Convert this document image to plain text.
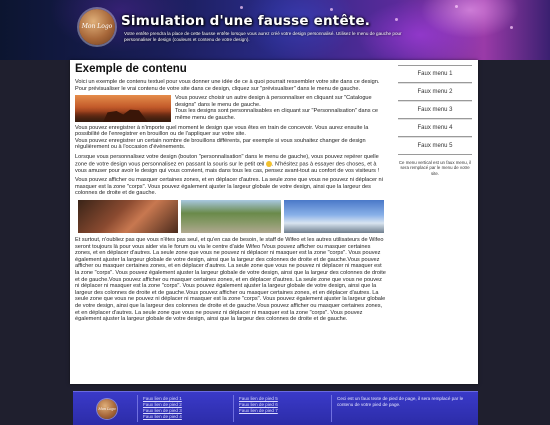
Mon Logo Simulation d'une fausse entête.

Votre entête prendra la place de cette fausse entête lorsque vous aurez créé votre design personnalisé. Utilisez le menu de gauche pour personnaliser le design (couleurs et contenu de votre design).

Exemple de contenu

Voici un exemple de contenu textuel pour vous donner une idée de ce à quoi pourrait ressembler votre site dans ce design.
Pour prévisualiser le vrai contenu de votre site dans ce design, cliquez sur "prévisualiser" dans le menu de gauche.

Vous pouvez choisir un autre design à personnaliser en cliquant sur "Catalogue designs" dans le menu de gauche.
Tous les designs sont personnalisables en cliquant sur "Personnalisation" dans ce même menu de gauche.

Vous pouvez enregistrer à n'importe quel moment le design que vous êtes en train de concevoir. Vous aurez ensuite la possibilité de l'enregistrer en brouillon ou de l'appliquer sur votre site.
Vous pouvez enregistrer un certain nombre de brouillons différents, par exemple si vous souhaitez changer de design régulièrement ou à l'occasion d'évènements.

Lorsque vous personnalisez votre design (bouton "personnalisation" dans le menu de gauche), vous pouvez repérer quelle zone de votre design vous personnalisez en passant la souris sur le petit œil . N'hésitez pas à essayer des choses, et à vous amuser pour avoir le design qui vous convient, mais dans tous les cas, pensez avant-tout au confort de vos visiteurs !

Vous pouvez afficher ou masquer certaines zones, et en déplacer d'autres. La seule zone que vous ne pouvez ni déplacer ni masquer est la zone "corps". Vous pouvez également ajuster la largeur globale de votre design, ainsi que la largeur des colonnes de droite et de gauche.

Et surtout, n'oubliez pas que vous n'êtes pas seul, et qu'en cas de besoin, le staff de Wifeo et les autres utilisateurs de Wifeo seront toujours là pour vous aider via le forum ou via le centre d'aide Wifeo !Vous pouvez afficher ou masquer certaines zones, et en déplacer d'autres. La seule zone que vous ne pouvez ni déplacer ni masquer est la zone "corps". Vous pouvez également ajuster la largeur globale de votre design, ainsi que la largeur des colonnes de droite et de gauche.Vous pouvez afficher ou masquer certaines zones, et en déplacer d'autres. La seule zone que vous ne pouvez ni déplacer ni masquer est la zone "corps". Vous pouvez également ajuster la largeur globale de votre design, ainsi que la largeur des colonnes de droite et de gauche.Vous pouvez afficher ou masquer certaines zones, et en déplacer d'autres. La seule zone que vous ne pouvez ni déplacer ni masquer est la zone "corps". Vous pouvez également ajuster la largeur globale de votre design, ainsi que la largeur des colonnes de droite et de gauche.Vous pouvez afficher ou masquer certaines zones, et en déplacer d'autres. La seule zone que vous ne pouvez ni déplacer ni masquer est la zone "corps". Vous pouvez également ajuster la largeur globale de votre design, ainsi que la largeur des colonnes de droite et de gauche.Vous pouvez afficher ou masquer certaines zones, et en déplacer d'autres. La seule zone que vous ne pouvez ni déplacer ni masquer est la zone "corps". Vous pouvez également ajuster la largeur globale de votre design, ainsi que la largeur des colonnes de droite et de gauche.

Faux menu 1
Faux menu 2
Faux menu 3
Faux menu 4
Faux menu 5
Ce menu vertical est un faux menu, il sera remplacé par le menu de votre site.
Mon Logo
Faux lien de pied 1
Faux lien de pied 2
Faux lien de pied 3
Faux lien de pied 4
Faux lien de pied 5
Faux lien de pied 6
Faux lien de pied 7
Ceci est un faux texte de pied de page, il sera remplacé par le contenu de votre pied de page.
